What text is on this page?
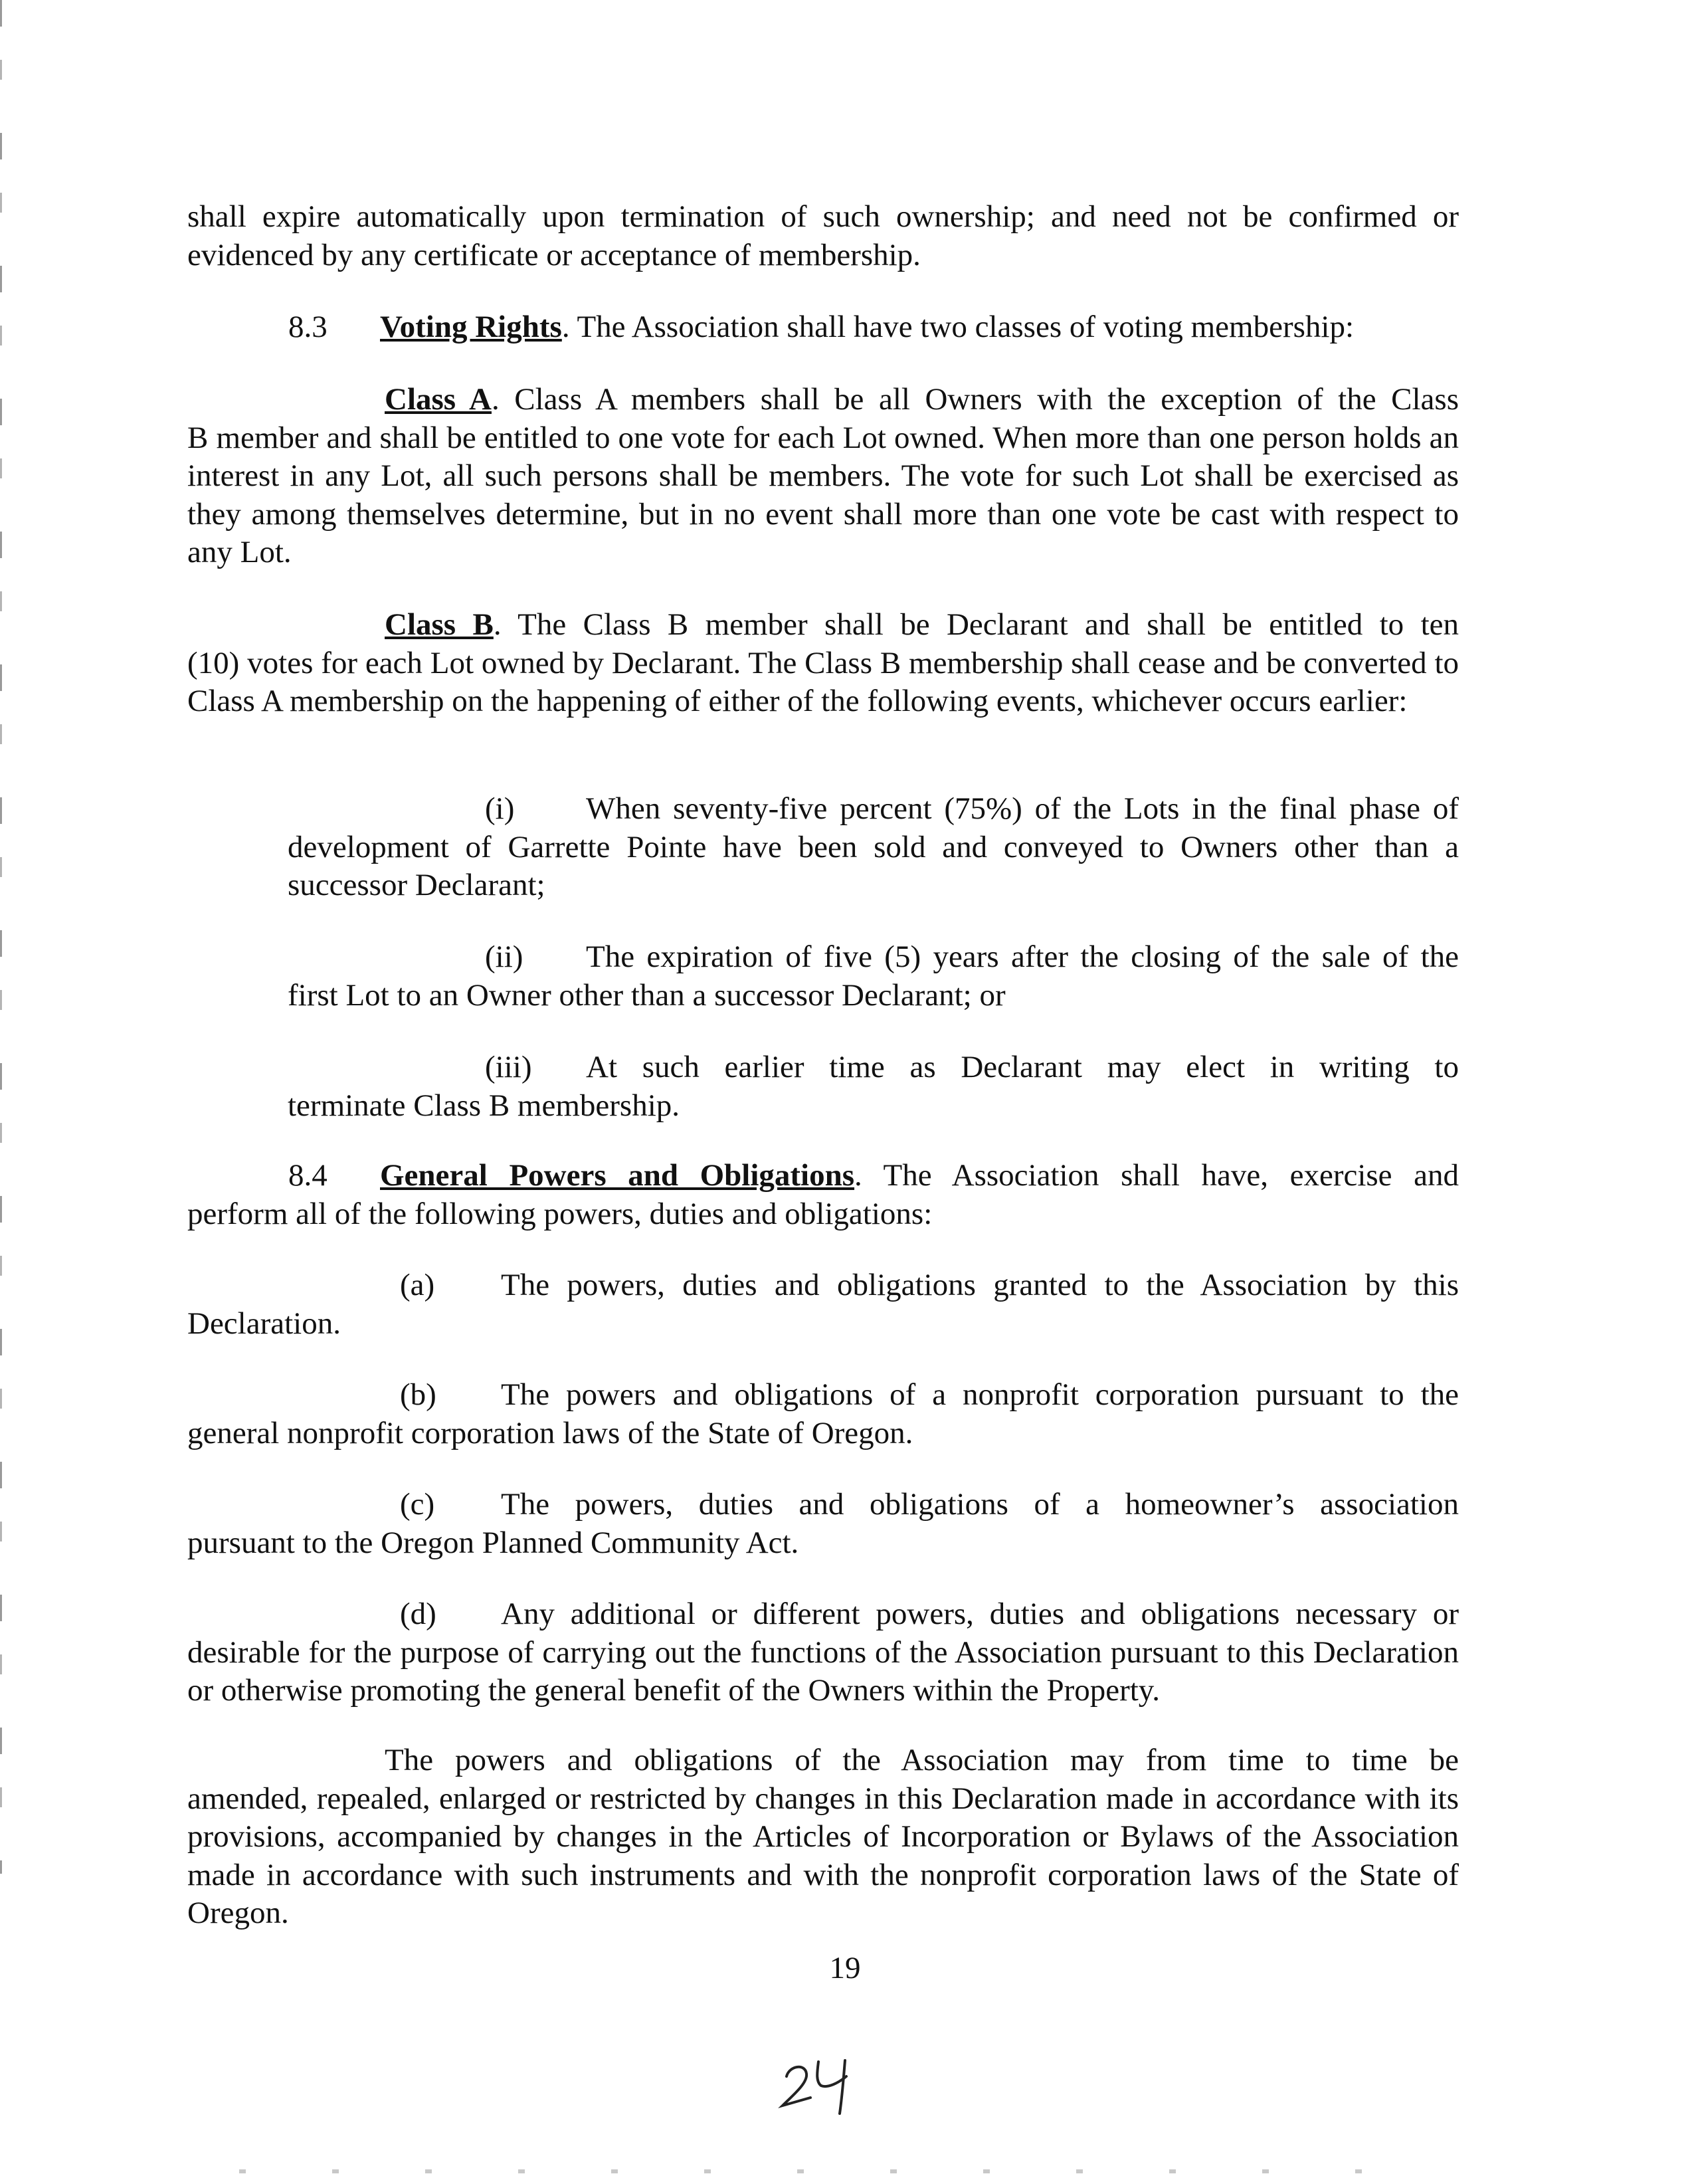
shall expire automatically upon termination of such ownership; and need not be confirmed or
evidenced by any certificate or acceptance of membership.
8.3 Voting Rights. The Association shall have two classes of voting membership:
Class A. Class A members shall be all Owners with the exception of the Class
B member and shall be entitled to one vote for each Lot owned. When more than one person holds an interest in any Lot, all such persons shall be members. The vote for such Lot shall be exercised as they among themselves determine, but in no event shall more than one vote be cast with respect to any Lot.
Class B. The Class B member shall be Declarant and shall be entitled to ten
(10) votes for each Lot owned by Declarant. The Class B membership shall cease and be converted to Class A membership on the happening of either of the following events, whichever occurs earlier:
(i) When seventy-five percent (75%) of the Lots in the final phase of
development of Garrette Pointe have been sold and conveyed to Owners other than a successor Declarant;
(ii) The expiration of five (5) years after the closing of the sale of the
first Lot to an Owner other than a successor Declarant; or
(iii) At such earlier time as Declarant may elect in writing to
terminate Class B membership.
8.4 General Powers and Obligations. The Association shall have, exercise and
perform all of the following powers, duties and obligations:
(a) The powers, duties and obligations granted to the Association by this
Declaration.
(b) The powers and obligations of a nonprofit corporation pursuant to the
general nonprofit corporation laws of the State of Oregon.
(c) The powers, duties and obligations of a homeowner’s association
pursuant to the Oregon Planned Community Act.
(d) Any additional or different powers, duties and obligations necessary or
desirable for the purpose of carrying out the functions of the Association pursuant to this Declaration or otherwise promoting the general benefit of the Owners within the Property.
The powers and obligations of the Association may from time to time be
amended, repealed, enlarged or restricted by changes in this Declaration made in accordance with its provisions, accompanied by changes in the Articles of Incorporation or Bylaws of the Association made in accordance with such instruments and with the nonprofit corporation laws of the State of Oregon.
19
